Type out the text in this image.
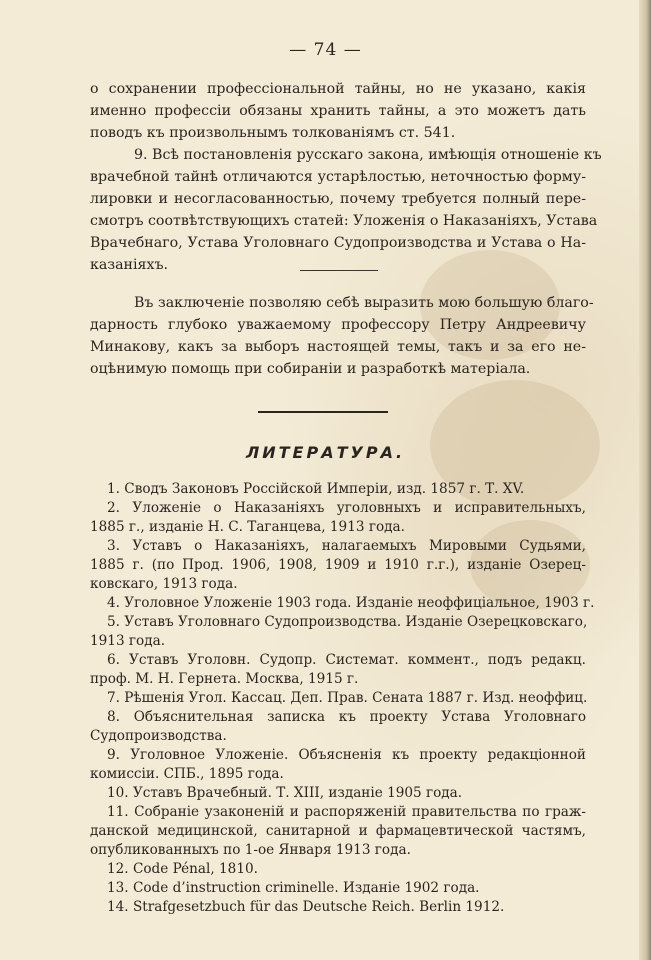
— 74 —
о сохранении профессіональной тайны, но не указано, какія
именно профессіи обязаны хранить тайны, а это можетъ дать
поводъ къ произвольнымъ толкованіямъ ст. 541.
9. Всѣ постановленія русскаго закона, имѣющія отношеніе къ
врачебной тайнѣ отличаются устарѣлостью, неточностью форму-
лировки и несогласованностью, почему требуется полный пере-
смотръ соотвѣтствующихъ статей: Уложенія о Наказаніяхъ, Устава
Врачебнаго, Устава Уголовнаго Судопроизводства и Устава о На-
казаніяхъ.
Въ заключеніе позволяю себѣ выразить мою большую благо-
дарность глубоко уважаемому профессору Петру Андреевичу
Минакову, какъ за выборъ настоящей темы, такъ и за его не-
оцѣнимую помощь при собираніи и разработкѣ матеріала.
ЛИТЕРАТУРА.
1. Сводъ Законовъ Россійской Имперіи, изд. 1857 г. Т. XV.
2. Уложеніе о Наказаніяхъ уголовныхъ и исправительныхъ,
1885 г., изданіе Н. С. Таганцева, 1913 года.
3. Уставъ о Наказаніяхъ, налагаемыхъ Мировыми Судьями,
1885 г. (по Прод. 1906, 1908, 1909 и 1910 г.г.), изданіе Озерец-
ковскаго, 1913 года.
4. Уголовное Уложеніе 1903 года. Изданіе неоффиціальное, 1903 г.
5. Уставъ Уголовнаго Судопроизводства. Изданіе Озерецковскаго,
1913 года.
6. Уставъ Уголовн. Судопр. Системат. коммент., подъ редакц.
проф. М. Н. Гернета. Москва, 1915 г.
7. Рѣшенія Угол. Кассац. Деп. Прав. Сената 1887 г. Изд. неоффиц.
8. Объяснительная записка къ проекту Устава Уголовнаго
Судопроизводства.
9. Уголовное Уложеніе. Объясненія къ проекту редакціонной
комиссіи. СПБ., 1895 года.
10. Уставъ Врачебный. Т. XIII, изданіе 1905 года.
11. Собраніе узаконеній и распоряженій правительства по граж-
данской медицинской, санитарной и фармацевтической частямъ,
опубликованныхъ по 1-ое Января 1913 года.
12. Code Pénal, 1810.
13. Code d’instruction criminelle. Изданіе 1902 года.
14. Strafgesetzbuch für das Deutsche Reich. Berlin 1912.
